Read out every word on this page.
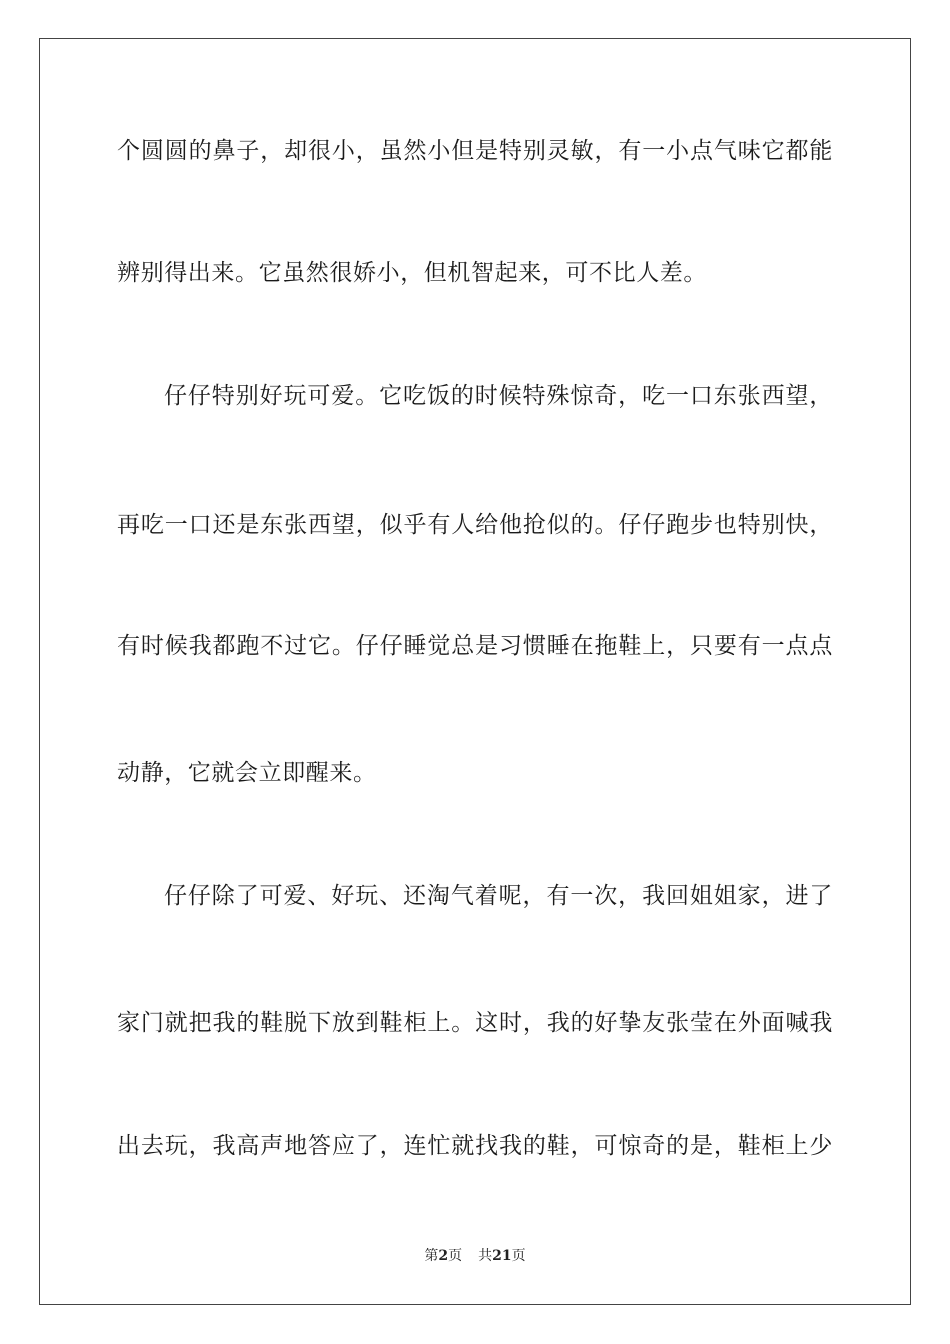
个圆圆的鼻子，却很小，虽然小但是特别灵敏，有一小点气味它都能
辨别得出来。它虽然很娇小，但机智起来，可不比人差。
仔仔特别好玩可爱。它吃饭的时候特殊惊奇，吃一口东张西望，
再吃一口还是东张西望，似乎有人给他抢似的。仔仔跑步也特别快，
有时候我都跑不过它。仔仔睡觉总是习惯睡在拖鞋上，只要有一点点
动静，它就会立即醒来。
仔仔除了可爱、好玩、还淘气着呢，有一次，我回姐姐家，进了
家门就把我的鞋脱下放到鞋柜上。这时，我的好挚友张莹在外面喊我
出去玩，我高声地答应了，连忙就找我的鞋，可惊奇的是，鞋柜上少
第2页 共21页
